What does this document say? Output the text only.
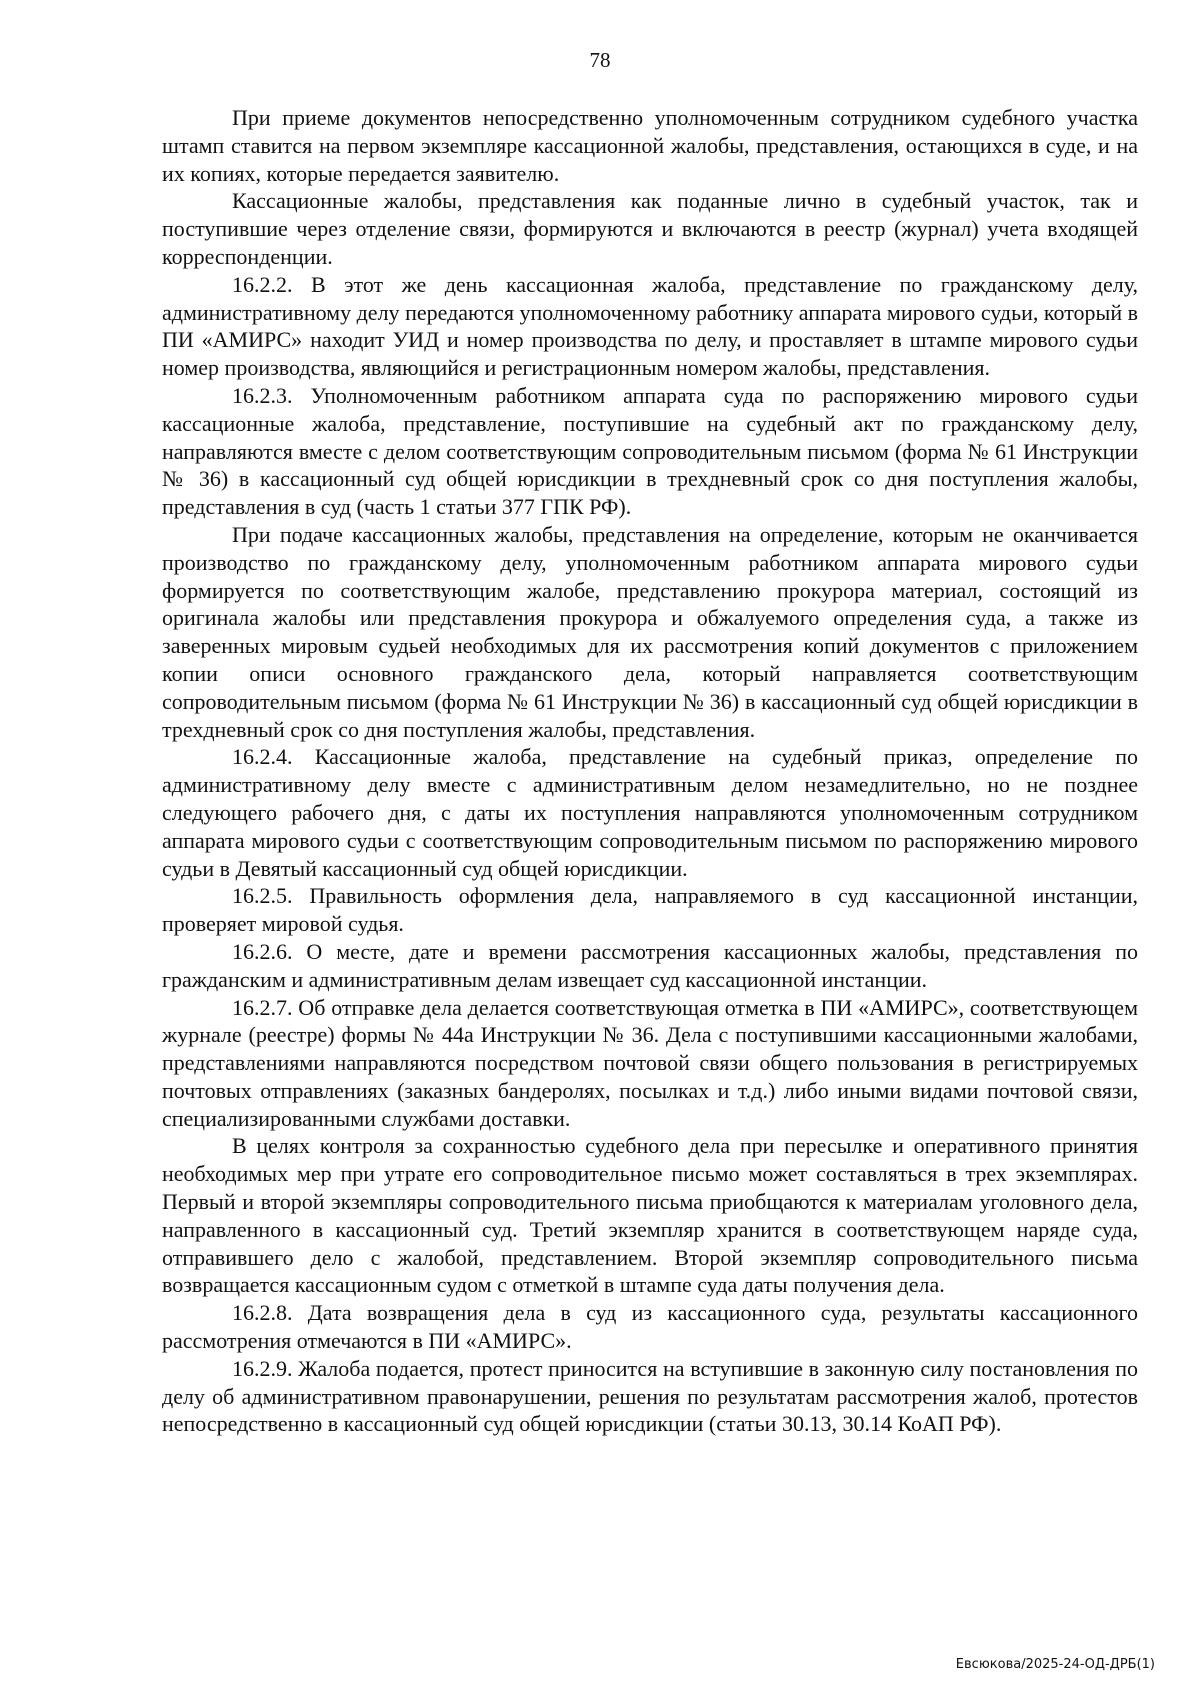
78

При приеме документов непосредственно уполномоченным сотрудником судебного участка штамп ставится на первом экземпляре кассационной жалобы, представления, остающихся в суде, и на их копиях, которые передается заявителю.

Кассационные жалобы, представления как поданные лично в судебный участок, так и поступившие через отделение связи, формируются и включаются в реестр (журнал) учета входящей корреспонденции.

16.2.2. В этот же день кассационная жалоба, представление по гражданскому делу, административному делу передаются уполномоченному работнику аппарата мирового судьи, который в ПИ «АМИРС» находит УИД и номер производства по делу, и проставляет в штампе мирового судьи номер производства, являющийся и регистрационным номером жалобы, представления.

16.2.3. Уполномоченным работником аппарата суда по распоряжению мирового судьи кассационные жалоба, представление, поступившие на судебный акт по гражданскому делу, направляются вместе с делом соответствующим сопроводительным письмом (форма № 61 Инструкции № 36) в кассационный суд общей юрисдикции в трехдневный срок со дня поступления жалобы, представления в суд (часть 1 статьи 377 ГПК РФ).

При подаче кассационных жалобы, представления на определение, которым не оканчивается производство по гражданскому делу, уполномоченным работником аппарата мирового судьи формируется по соответствующим жалобе, представлению прокурора материал, состоящий из оригинала жалобы или представления прокурора и обжалуемого определения суда, а также из заверенных мировым судьей необходимых для их рассмотрения копий документов с приложением копии описи основного гражданского дела, который направляется соответствующим сопроводительным письмом (форма № 61 Инструкции № 36) в кассационный суд общей юрисдикции в трехдневный срок со дня поступления жалобы, представления.

16.2.4. Кассационные жалоба, представление на судебный приказ, определение по административному делу вместе с административным делом незамедлительно, но не позднее следующего рабочего дня, с даты их поступления направляются уполномоченным сотрудником аппарата мирового судьи с соответствующим сопроводительным письмом по распоряжению мирового судьи в Девятый кассационный суд общей юрисдикции.

16.2.5. Правильность оформления дела, направляемого в суд кассационной инстанции, проверяет мировой судья.

16.2.6. О месте, дате и времени рассмотрения кассационных жалобы, представления по гражданским и административным делам извещает суд кассационной инстанции.

16.2.7. Об отправке дела делается соответствующая отметка в ПИ «АМИРС», соответствующем журнале (реестре) формы № 44а Инструкции № 36. Дела с поступившими кассационными жалобами, представлениями направляются посредством почтовой связи общего пользования в регистрируемых почтовых отправлениях (заказных бандеролях, посылках и т.д.) либо иными видами почтовой связи, специализированными службами доставки.

В целях контроля за сохранностью судебного дела при пересылке и оперативного принятия необходимых мер при утрате его сопроводительное письмо может составляться в трех экземплярах. Первый и второй экземпляры сопроводительного письма приобщаются к материалам уголовного дела, направленного в кассационный суд. Третий экземпляр хранится в соответствующем наряде суда, отправившего дело с жалобой, представлением. Второй экземпляр сопроводительного письма возвращается кассационным судом с отметкой в штампе суда даты получения дела.

16.2.8. Дата возвращения дела в суд из кассационного суда, результаты кассационного рассмотрения отмечаются в ПИ «АМИРС».

16.2.9. Жалоба подается, протест приносится на вступившие в законную силу постановления по делу об административном правонарушении, решения по результатам рассмотрения жалоб, протестов непосредственно в кассационный суд общей юрисдикции (статьи 30.13, 30.14 КоАП РФ).

Евсюкова/2025-24-ОД-ДРБ(1)
